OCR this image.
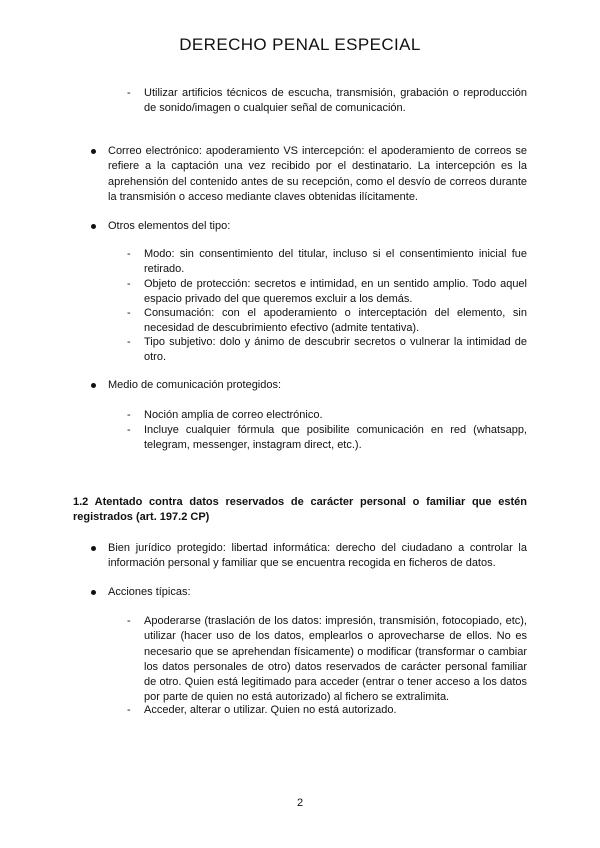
DERECHO PENAL ESPECIAL
- Utilizar artificios técnicos de escucha, transmisión, grabación o reproducción de sonido/imagen o cualquier señal de comunicación.
Correo electrónico: apoderamiento VS intercepción: el apoderamiento de correos se refiere a la captación una vez recibido por el destinatario. La intercepción es la aprehensión del contenido antes de su recepción, como el desvío de correos durante la transmisión o acceso mediante claves obtenidas ilícitamente.
Otros elementos del tipo:
- Modo: sin consentimiento del titular, incluso si el consentimiento inicial fue retirado.
- Objeto de protección: secretos e intimidad, en un sentido amplio. Todo aquel espacio privado del que queremos excluir a los demás.
- Consumación: con el apoderamiento o interceptación del elemento, sin necesidad de descubrimiento efectivo (admite tentativa).
- Tipo subjetivo: dolo y ánimo de descubrir secretos o vulnerar la intimidad de otro.
Medio de comunicación protegidos:
- Noción amplia de correo electrónico.
- Incluye cualquier fórmula que posibilite comunicación en red (whatsapp, telegram, messenger, instagram direct, etc.).
1.2 Atentado contra datos reservados de carácter personal o familiar que estén registrados (art. 197.2 CP)
Bien jurídico protegido: libertad informática: derecho del ciudadano a controlar la información personal y familiar que se encuentra recogida en ficheros de datos.
Acciones típicas:
- Apoderarse (traslación de los datos: impresión, transmisión, fotocopiado, etc), utilizar (hacer uso de los datos, emplearlos o aprovecharse de ellos. No es necesario que se aprehendan físicamente) o modificar (transformar o cambiar los datos personales de otro) datos reservados de carácter personal familiar de otro. Quien está legitimado para acceder (entrar o tener acceso a los datos por parte de quien no está autorizado) al fichero se extralimita.
- Acceder, alterar o utilizar. Quien no está autorizado.
2
